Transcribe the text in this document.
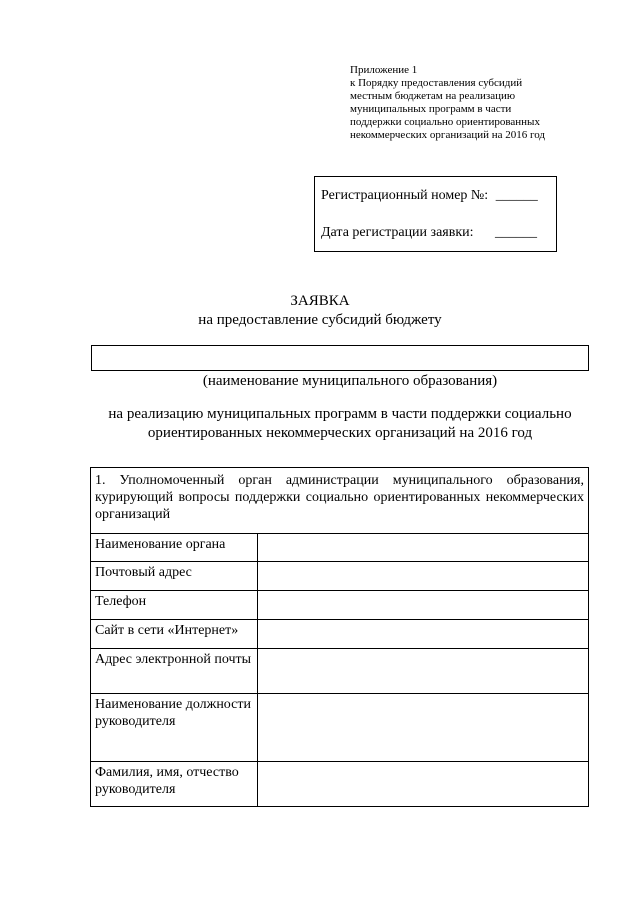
Приложение 1
к Порядку предоставления субсидий
местным бюджетам на реализацию
муниципальных программ в части
поддержки социально ориентированных
некоммерческих организаций на 2016 год
Регистрационный номер №: ______
Дата регистрации заявки: ______
ЗАЯВКА
на предоставление субсидий бюджету
(наименование муниципального образования)
на реализацию муниципальных программ в части поддержки социально
ориентированных некоммерческих организаций на 2016 год
1. Уполномоченный орган администрации муниципального образования, курирующий вопросы поддержки социально ориентированных некоммерческих организаций	
Наименование органа	
Почтовый адрес	
Телефон	
Сайт в сети «Интернет»	
Адрес электронной почты	
Наименование должности руководителя	
Фамилия, имя, отчество руководителя	
